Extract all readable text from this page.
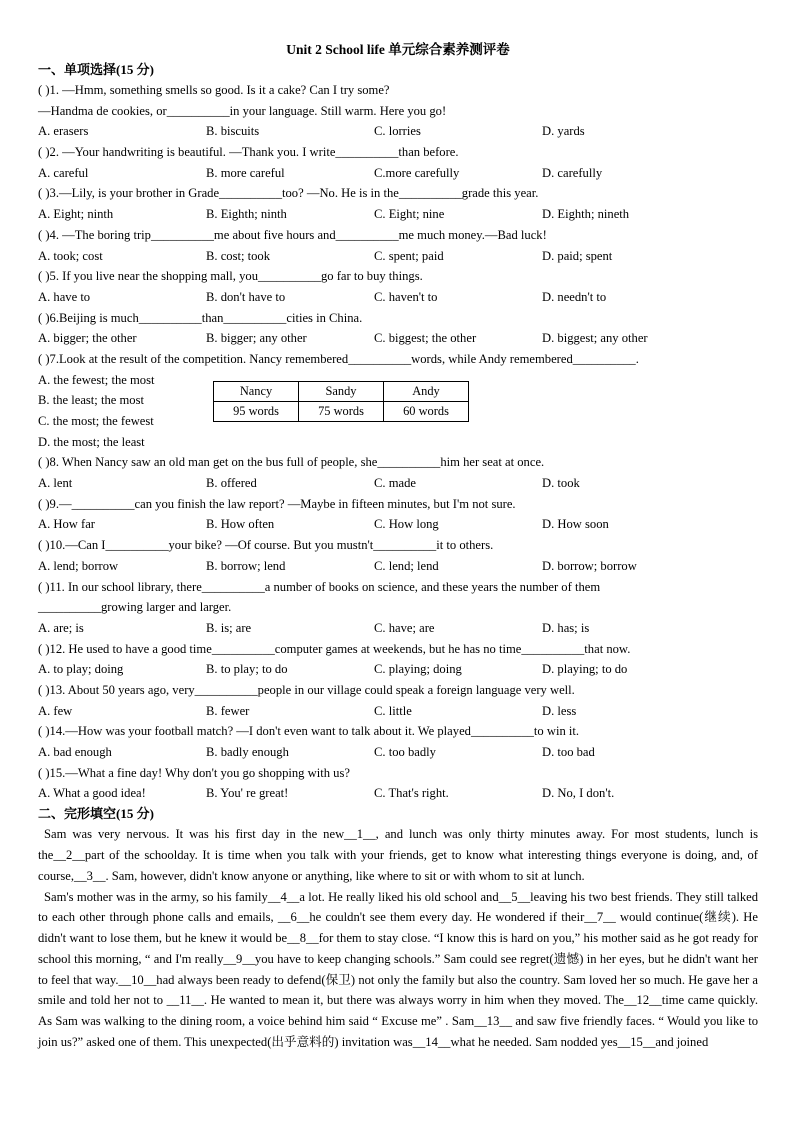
Unit 2 School life 单元综合素养测评卷
一、单项选择(15 分)
( )1. —Hmm, something smells so good. Is it a cake? Can I try some?
—Handma de cookies, or__________in your language. Still warm. Here you go!
A. erasers	B. biscuits	C. lorries	D. yards
( )2. —Your handwriting is beautiful. —Thank you. I write__________than before.
A. careful	B. more careful	C.more carefully	D. carefully
( )3.—Lily, is your brother in Grade__________too? —No. He is in the__________grade this year.
A. Eight; ninth	B. Eighth; ninth	C. Eight; nine	D. Eighth; nineth
( )4. —The boring trip__________me about five hours and__________me much money.—Bad luck!
A. took; cost	B. cost; took	C. spent; paid	D. paid; spent
( )5. If you live near the shopping mall, you__________go far to buy things.
A. have to	B. don't have to	C. haven't to	D. needn't to
( )6.Beijing is much__________than__________cities in China.
A. bigger; the other	B. bigger; any other	C. biggest; the other	D. biggest; any other
( )7.Look at the result of the competition. Nancy remembered__________words, while Andy remembered__________.
A. the fewest; the most
B. the least; the most
C. the most; the fewest
D. the most; the least
Nancy	Sandy	Andy
95 words	75 words	60 words
( )8. When Nancy saw an old man get on the bus full of people, she__________him her seat at once.
A. lent	B. offered	C. made	D. took
( )9.—__________can you finish the law report? —Maybe in fifteen minutes, but I'm not sure.
A. How far	B. How often	C. How long	D. How soon
( )10.—Can I__________your bike? —Of course. But you mustn't__________it to others.
A. lend; borrow	B. borrow; lend	C. lend; lend	D. borrow; borrow
( )11. In our school library, there__________a number of books on science, and these years the number of them
__________growing larger and larger.
A. are; is	B. is; are	C. have; are	D. has; is
( )12. He used to have a good time__________computer games at weekends, but he has no time__________that now.
A. to play; doing	B. to play; to do	C. playing; doing	D. playing; to do
( )13. About 50 years ago, very__________people in our village could speak a foreign language very well.
A. few	B. fewer	C. little	D. less
( )14.—How was your football match? —I don't even want to talk about it. We played__________to win it.
A. bad enough	B. badly enough	C. too badly	D. too bad
( )15.—What a fine day! Why don't you go shopping with us?
A. What a good idea!	B. You' re great!	C. That's right.	D. No, I don't.
二、完形填空(15 分)

Sam was very nervous. It was his first day in the new__1__, and lunch was only thirty minutes away. For most students, lunch is the__2__part of the schoolday. It is time when you talk with your friends, get to know what interesting things everyone is doing, and, of course,__3__. Sam, however, didn't know anyone or anything, like where to sit or with whom to sit at lunch.

Sam's mother was in the army, so his family__4__a lot. He really liked his old school and__5__leaving his two best friends. They still talked to each other through phone calls and emails, __6__he couldn't see them every day. He wondered if their__7__ would continue(继续). He didn't want to lose them, but he knew it would be__8__for them to stay close. “I know this is hard on you,” his mother said as he got ready for school this morning, “ and I'm really__9__you have to keep changing schools.” Sam could see regret(遗憾) in her eyes, but he didn't want her to feel that way.__10__had always been ready to defend(保卫) not only the family but also the country. Sam loved her so much. He gave her a smile and told her not to __11__. He wanted to mean it, but there was always worry in him when they moved. The__12__time came quickly. As Sam was walking to the dining room, a voice behind him said “ Excuse me” . Sam__13__ and saw five friendly faces. “ Would you like to join us?” asked one of them. This unexpected(出乎意料的) invitation was__14__what he needed. Sam nodded yes__15__and joined
